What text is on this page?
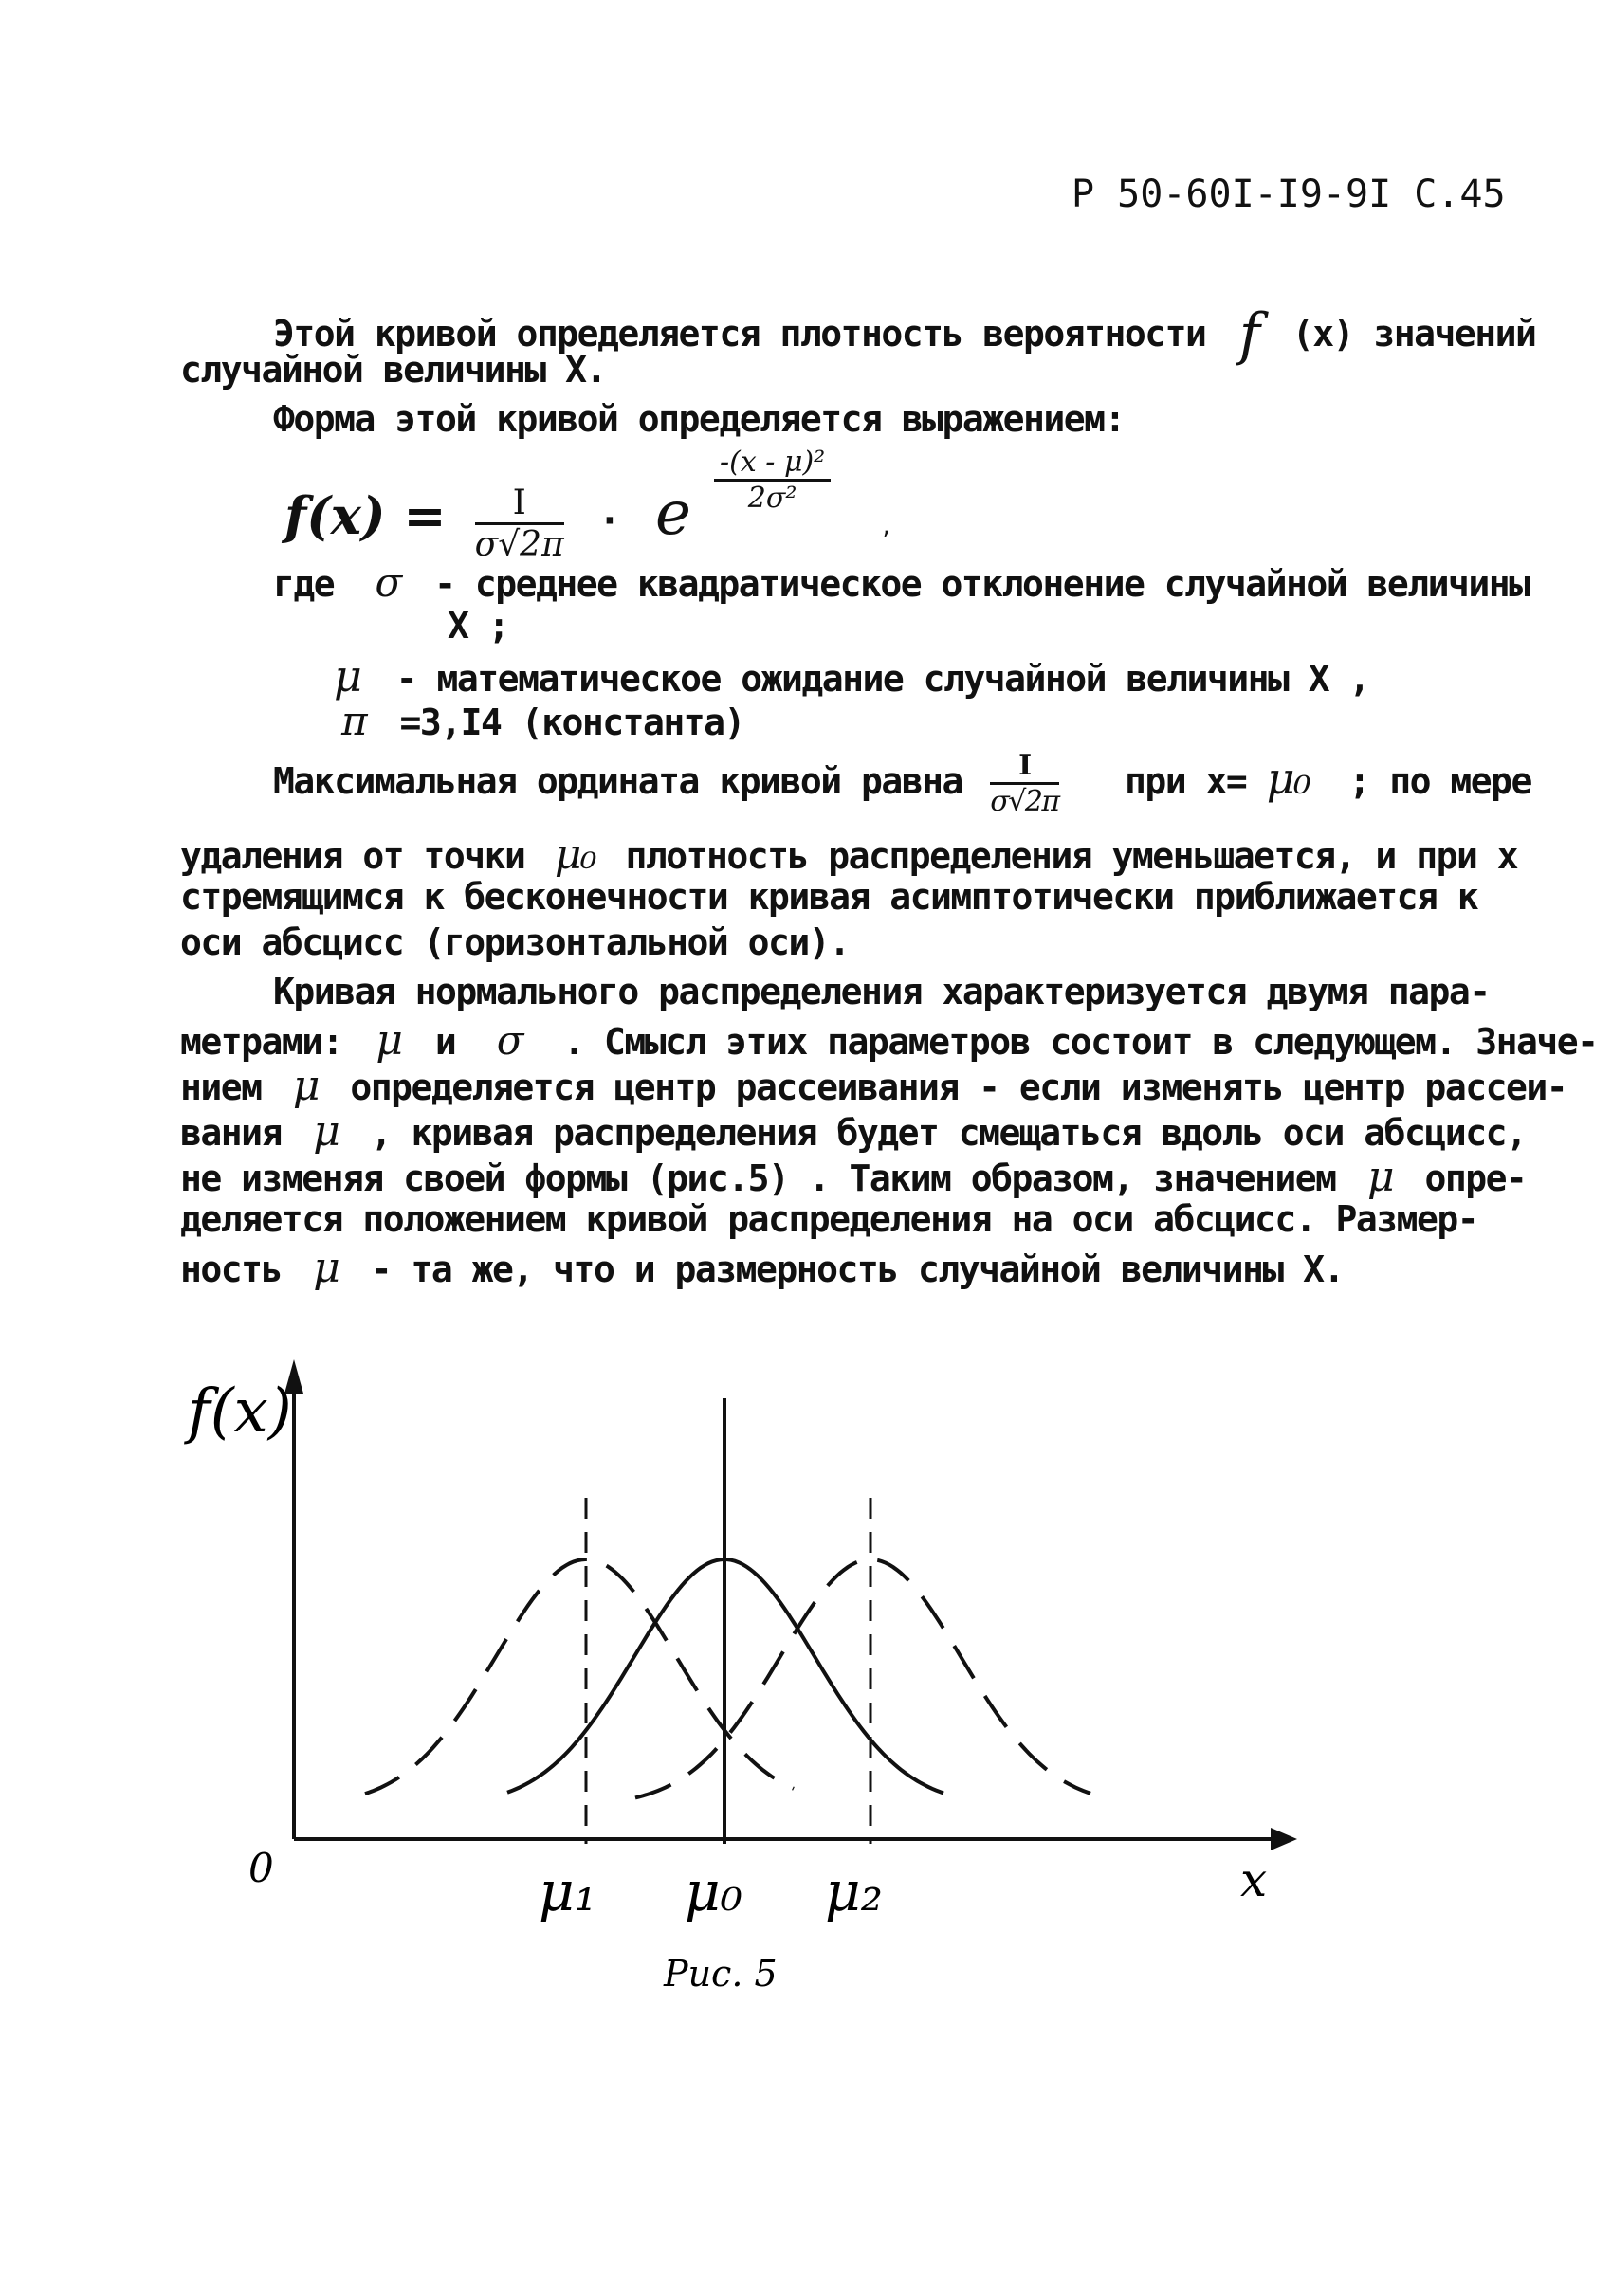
Р 50-60I-I9-9I С.45
Этой кривой определяется плотность вероятности f (x) значений
случайной величины X.
Форма этой кривой определяется выражением:
$f(x) = \frac{I}{\sigma√2\pi} \cdot e \frac{\text{-(x - μ)²}}{\text{2σ²}}$
,
где σ - среднее квадратическое отклонение случайной величины
X ;
μ - математическое ожидание случайной величины X ,
π =3,I4 (константа)
Максимальная ордината кривой равна $\frac{I}{\sigma√2\pi}$ при x= μ₀ ; по мере
удаления от точки μ₀ плотность распределения уменьшается, и при x
стремящимся к бесконечности кривая асимптотически приближается к
оси абсцисс (горизонтальной оси).
Кривая нормального распределения характеризуется двумя пара-
метрами: μ и σ . Смысл этих параметров состоит в следующем. Значе-
нием μ определяется центр рассеивания - если изменять центр рассеи-
вания μ , кривая распределения будет смещаться вдоль оси абсцисс,
не изменяя своей формы (рис.5) . Таким образом, значением μ опре-
деляется положением кривой распределения на оси абсцисс. Размер-
ность μ - та же, что и размерность случайной величины X.
f(x)
x
0	μ₁ μ₀ μ₂
Рис. 5
